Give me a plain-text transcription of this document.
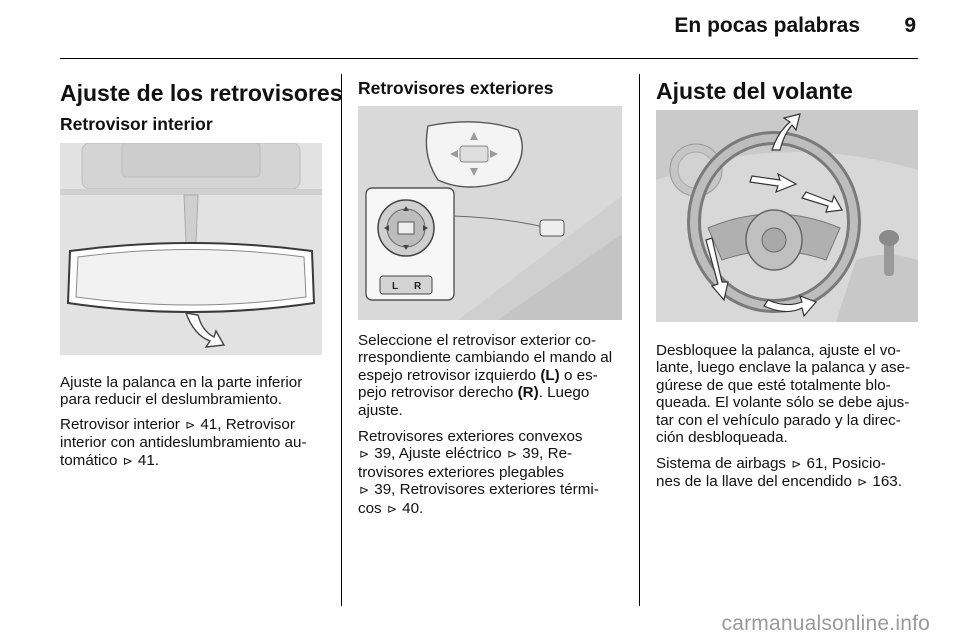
En pocas palabras 9
Ajuste de los retrovisores
Retrovisor interior
Ajuste la palanca en la parte inferior
para reducir el deslumbramiento.
Retrovisor interior ⊳ 41, Retrovisor
interior con antideslumbramiento au-
tomático ⊳ 41.
Retrovisores exteriores
L R
Seleccione el retrovisor exterior co-
rrespondiente cambiando el mando al
espejo retrovisor izquierdo (L) o es-
pejo retrovisor derecho (R). Luego
ajuste.
Retrovisores exteriores convexos
⊳ 39, Ajuste eléctrico ⊳ 39, Re-
trovisores exteriores plegables
⊳ 39, Retrovisores exteriores térmi-
cos ⊳ 40.
Ajuste del volante
Desbloquee la palanca, ajuste el vo-
lante, luego enclave la palanca y ase-
gúrese de que esté totalmente blo-
queada. El volante sólo se debe ajus-
tar con el vehículo parado y la direc-
ción desbloqueada.
Sistema de airbags ⊳ 61, Posicio-
nes de la llave del encendido ⊳ 163.
carmanualsonline.info
